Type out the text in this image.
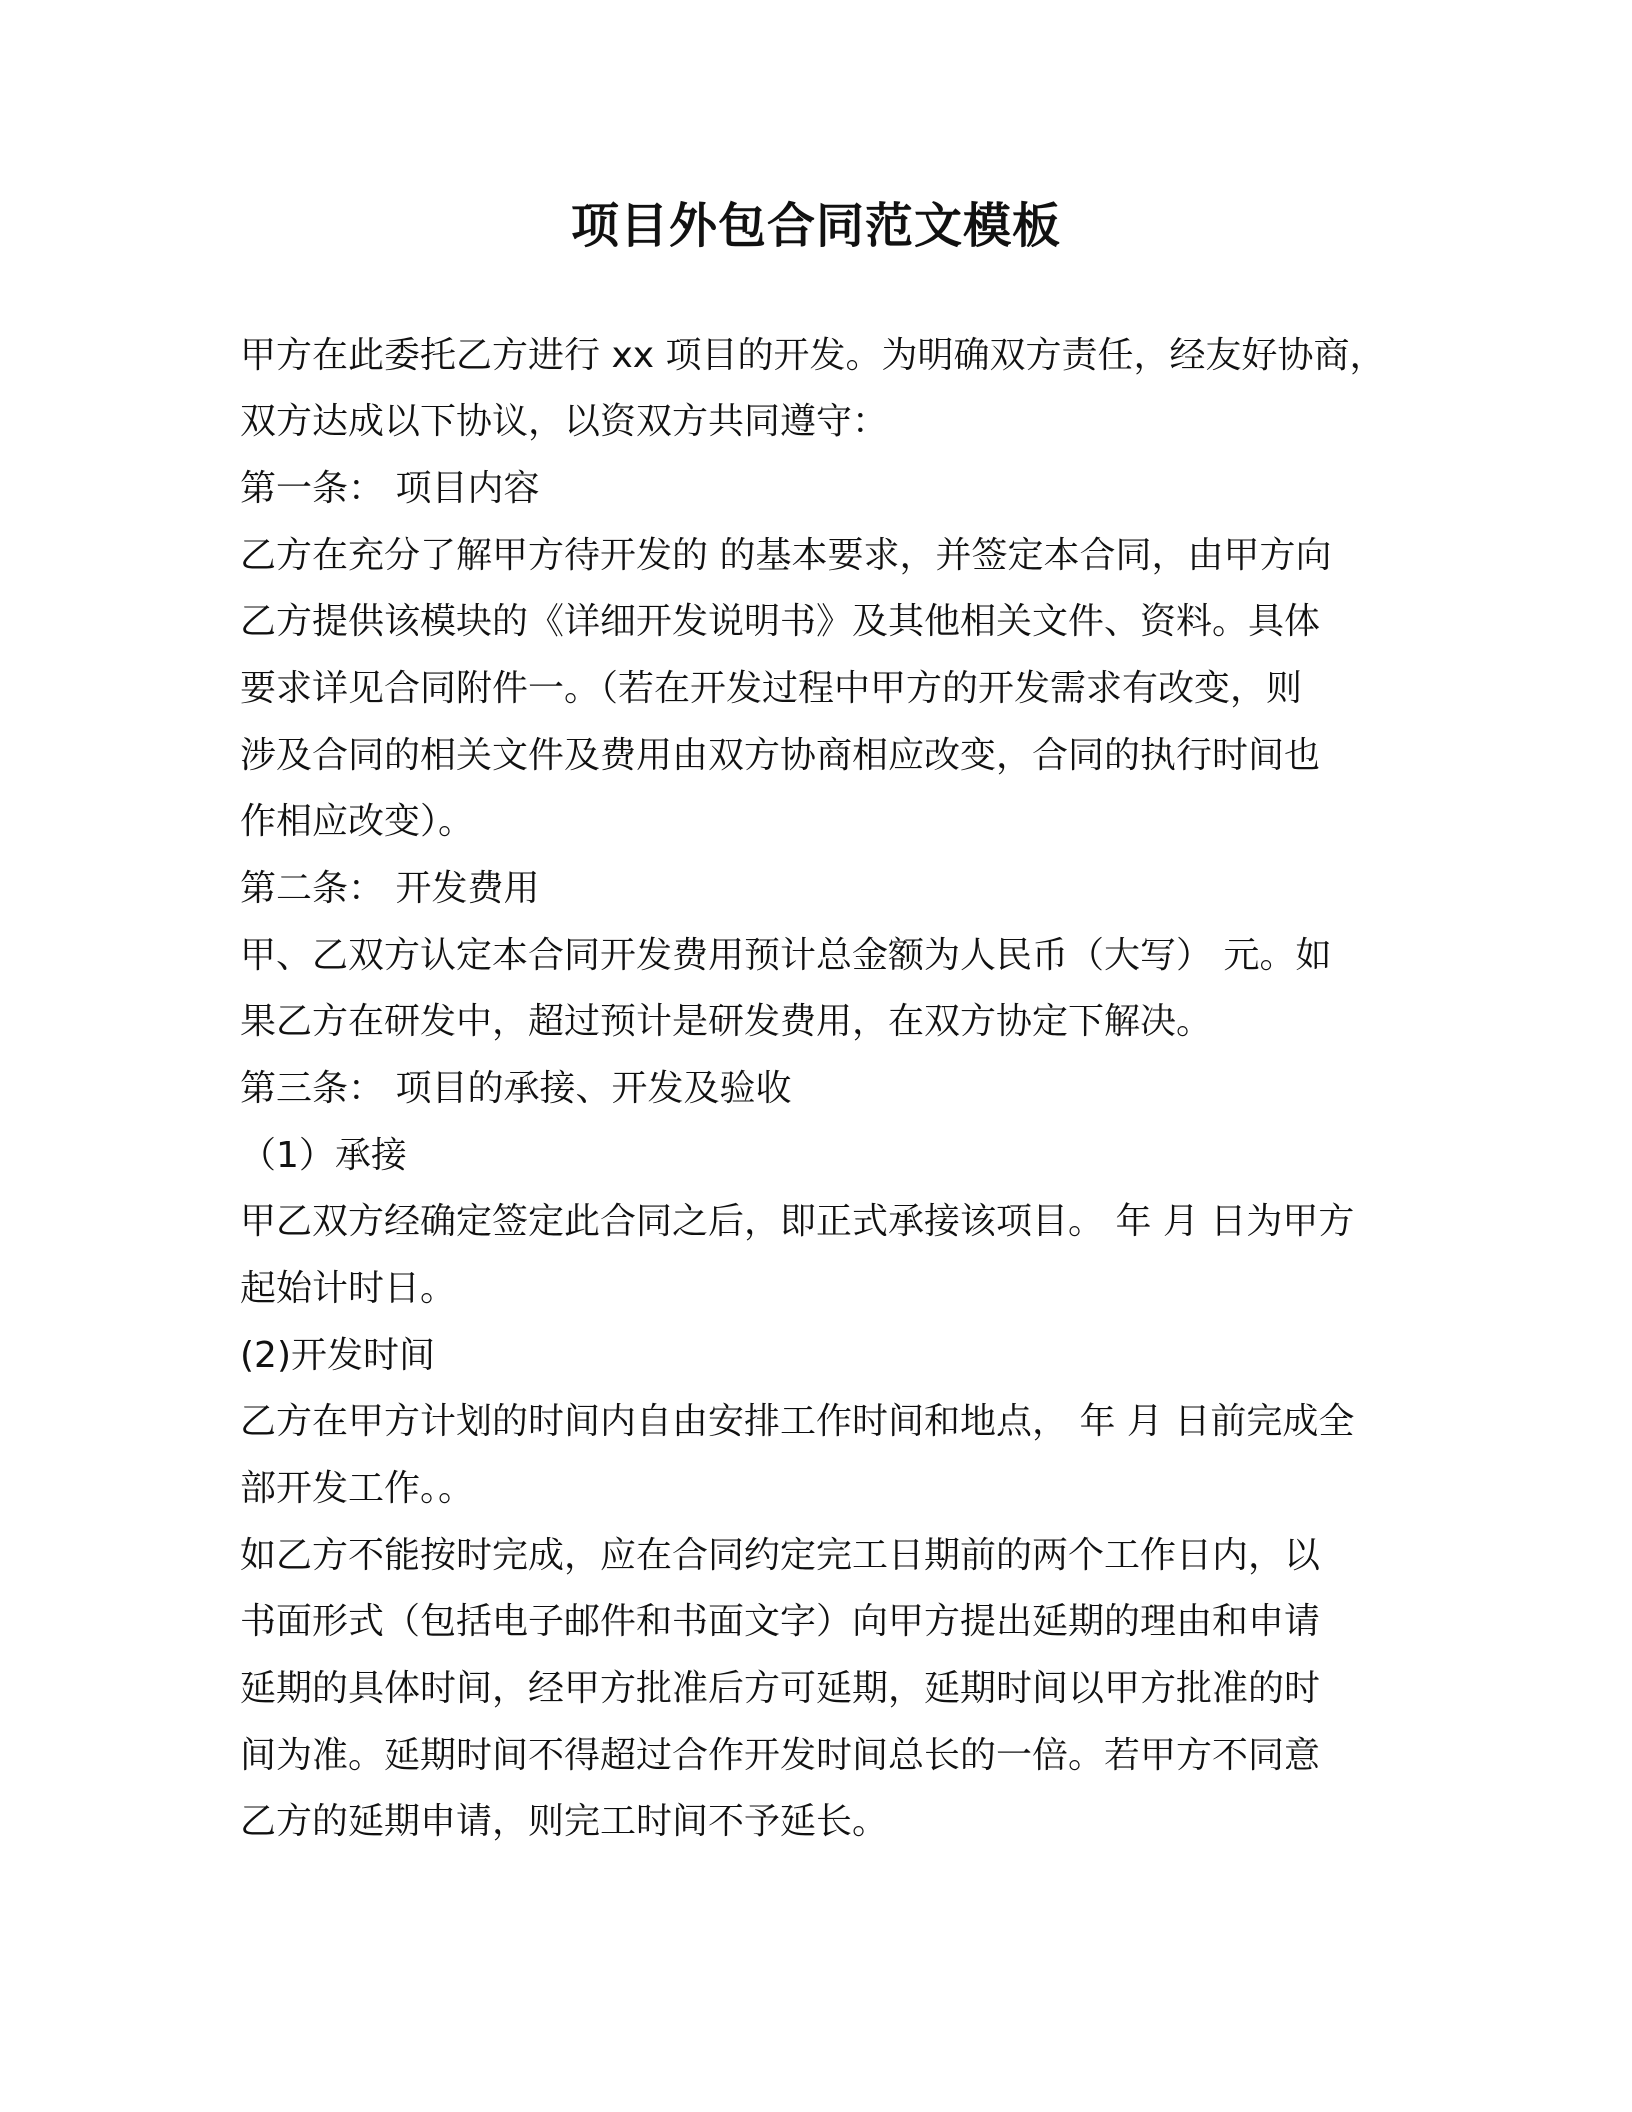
项目外包合同范文模板
甲方在此委托乙方进行 xx 项目的开发。为明确双方责任，经友好协商，
双方达成以下协议，以资双方共同遵守：
第一条： 项目内容
乙方在充分了解甲方待开发的 的基本要求，并签定本合同，由甲方向
乙方提供该模块的《详细开发说明书》及其他相关文件、资料。具体
要求详见合同附件一。（若在开发过程中甲方的开发需求有改变，则
涉及合同的相关文件及费用由双方协商相应改变，合同的执行时间也
作相应改变）。
第二条： 开发费用
甲、乙双方认定本合同开发费用预计总金额为人民币（大写） 元。如
果乙方在研发中，超过预计是研发费用，在双方协定下解决。
第三条： 项目的承接、开发及验收
（1）承接
甲乙双方经确定签定此合同之后，即正式承接该项目。 年 月 日为甲方
起始计时日。
(2)开发时间
乙方在甲方计划的时间内自由安排工作时间和地点， 年 月 日前完成全
部开发工作。。
如乙方不能按时完成，应在合同约定完工日期前的两个工作日内，以
书面形式（包括电子邮件和书面文字）向甲方提出延期的理由和申请
延期的具体时间，经甲方批准后方可延期，延期时间以甲方批准的时
间为准。延期时间不得超过合作开发时间总长的一倍。若甲方不同意
乙方的延期申请，则完工时间不予延长。
